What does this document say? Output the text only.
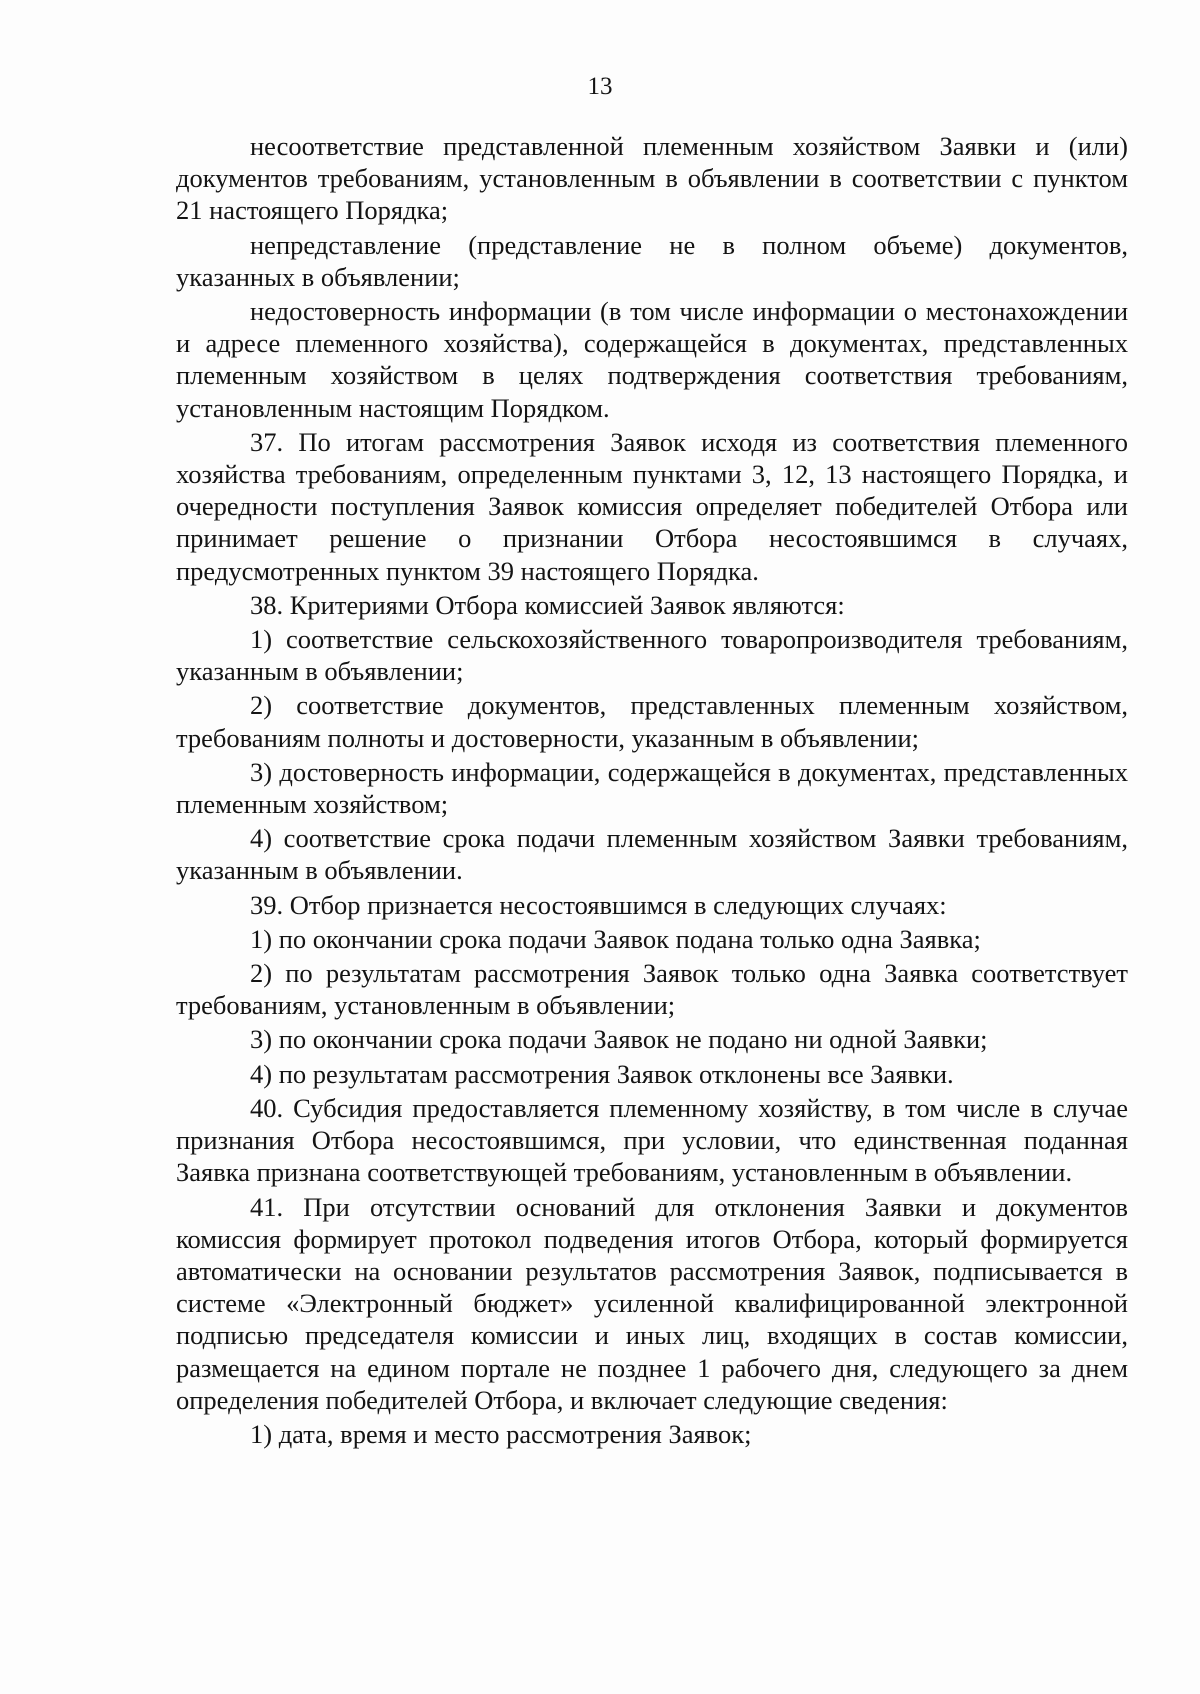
13

несоответствие представленной племенным хозяйством Заявки и (или) документов требованиям, установленным в объявлении в соответствии с пунктом 21 настоящего Порядка;

непредставление (представление не в полном объеме) документов, указанных в объявлении;

недостоверность информации (в том числе информации о местонахождении и адресе племенного хозяйства), содержащейся в документах, представленных племенным хозяйством в целях подтверждения соответствия требованиям, установленным настоящим Порядком.

37. По итогам рассмотрения Заявок исходя из соответствия племенного хозяйства требованиям, определенным пунктами 3, 12, 13 настоящего Порядка, и очередности поступления Заявок комиссия определяет победителей Отбора или принимает решение о признании Отбора несостоявшимся в случаях, предусмотренных пунктом 39 настоящего Порядка.

38. Критериями Отбора комиссией Заявок являются:

1) соответствие сельскохозяйственного товаропроизводителя требованиям, указанным в объявлении;

2) соответствие документов, представленных племенным хозяйством, требованиям полноты и достоверности, указанным в объявлении;

3) достоверность информации, содержащейся в документах, представленных племенным хозяйством;

4) соответствие срока подачи племенным хозяйством Заявки требованиям, указанным в объявлении.

39. Отбор признается несостоявшимся в следующих случаях:

1) по окончании срока подачи Заявок подана только одна Заявка;

2) по результатам рассмотрения Заявок только одна Заявка соответствует требованиям, установленным в объявлении;

3) по окончании срока подачи Заявок не подано ни одной Заявки;

4) по результатам рассмотрения Заявок отклонены все Заявки.

40. Субсидия предоставляется племенному хозяйству, в том числе в случае признания Отбора несостоявшимся, при условии, что единственная поданная Заявка признана соответствующей требованиям, установленным в объявлении.

41. При отсутствии оснований для отклонения Заявки и документов комиссия формирует протокол подведения итогов Отбора, который формируется автоматически на основании результатов рассмотрения Заявок, подписывается в системе «Электронный бюджет» усиленной квалифицированной электронной подписью председателя комиссии и иных лиц, входящих в состав комиссии, размещается на едином портале не позднее 1 рабочего дня, следующего за днем определения победителей Отбора, и включает следующие сведения:

1) дата, время и место рассмотрения Заявок;
